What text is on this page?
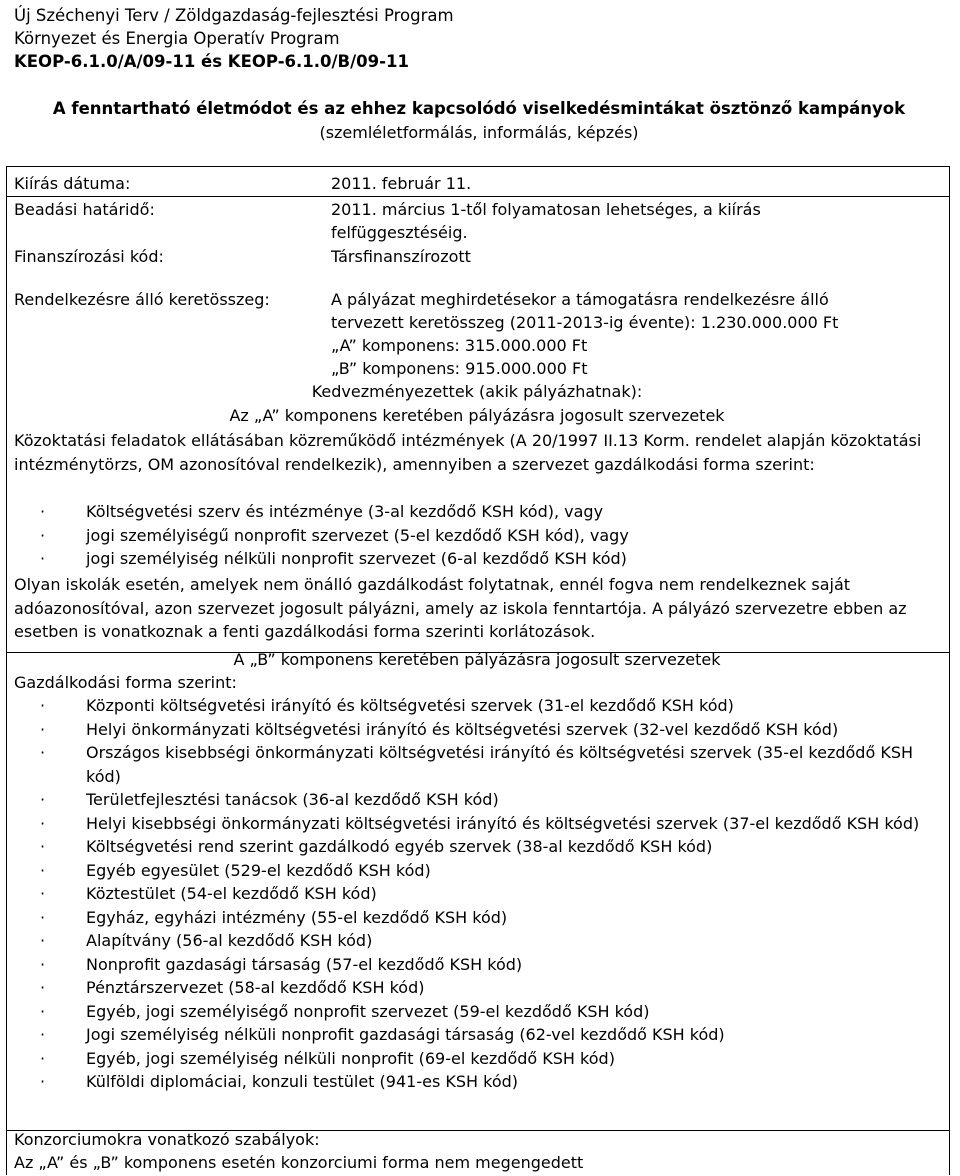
Új Széchenyi Terv / Zöldgazdaság-fejlesztési Program
Környezet és Energia Operatív Program
KEOP-6.1.0/A/09-11 és KEOP-6.1.0/B/09-11
A fenntartható életmódot és az ehhez kapcsolódó viselkedésmintákat ösztönző kampányok
(szemléletformálás, informálás, képzés)
Kiírás dátuma:	2011. február 11.
Beadási határidő:	2011. március 1-től folyamatosan lehetséges, a kiírás
felfüggesztéséig.
Finanszírozási kód:	Társfinanszírozott
Rendelkezésre álló keretösszeg:	A pályázat meghirdetésekor a támogatásra rendelkezésre álló
tervezett keretösszeg (2011-2013-ig évente): 1.230.000.000 Ft
„A” komponens: 315.000.000 Ft
„B” komponens: 915.000.000 Ft
Kedvezményezettek (akik pályázhatnak):
Az „A” komponens keretében pályázásra jogosult szervezetek
Közoktatási feladatok ellátásában közreműködő intézmények (A 20/1997 II.13 Korm. rendelet alapján közoktatási intézménytörzs, OM azonosítóval rendelkezik), amennyiben a szervezet gazdálkodási forma szerint:
·	Költségvetési szerv és intézménye (3-al kezdődő KSH kód), vagy
·	jogi személyiségű nonprofit szervezet (5-el kezdődő KSH kód), vagy
·	jogi személyiség nélküli nonprofit szervezet (6-al kezdődő KSH kód)
Olyan iskolák esetén, amelyek nem önálló gazdálkodást folytatnak, ennél fogva nem rendelkeznek saját adóazonosítóval, azon szervezet jogosult pályázni, amely az iskola fenntartója. A pályázó szervezetre ebben az esetben is vonatkoznak a fenti gazdálkodási forma szerinti korlátozások.
A „B” komponens keretében pályázásra jogosult szervezetek
Gazdálkodási forma szerint:
·	Központi költségvetési irányító és költségvetési szervek (31-el kezdődő KSH kód)
·	Helyi önkormányzati költségvetési irányító és költségvetési szervek (32-vel kezdődő KSH kód)
·	Országos kisebbségi önkormányzati költségvetési irányító és költségvetési szervek (35-el kezdődő KSH kód)
·	Területfejlesztési tanácsok (36-al kezdődő KSH kód)
·	Helyi kisebbségi önkormányzati költségvetési irányító és költségvetési szervek (37-el kezdődő KSH kód)
·	Költségvetési rend szerint gazdálkodó egyéb szervek (38-al kezdődő KSH kód)
·	Egyéb egyesület (529-el kezdődő KSH kód)
·	Köztestület (54-el kezdődő KSH kód)
·	Egyház, egyházi intézmény (55-el kezdődő KSH kód)
·	Alapítvány (56-al kezdődő KSH kód)
·	Nonprofit gazdasági társaság (57-el kezdődő KSH kód)
·	Pénztárszervezet (58-al kezdődő KSH kód)
·	Egyéb, jogi személyiségő nonprofit szervezet (59-el kezdődő KSH kód)
·	Jogi személyiség nélküli nonprofit gazdasági társaság (62-vel kezdődő KSH kód)
·	Egyéb, jogi személyiség nélküli nonprofit (69-el kezdődő KSH kód)
·	Külföldi diplomáciai, konzuli testület (941-es KSH kód)
Konzorciumokra vonatkozó szabályok:
Az „A” és „B” komponens esetén konzorciumi forma nem megengedett
